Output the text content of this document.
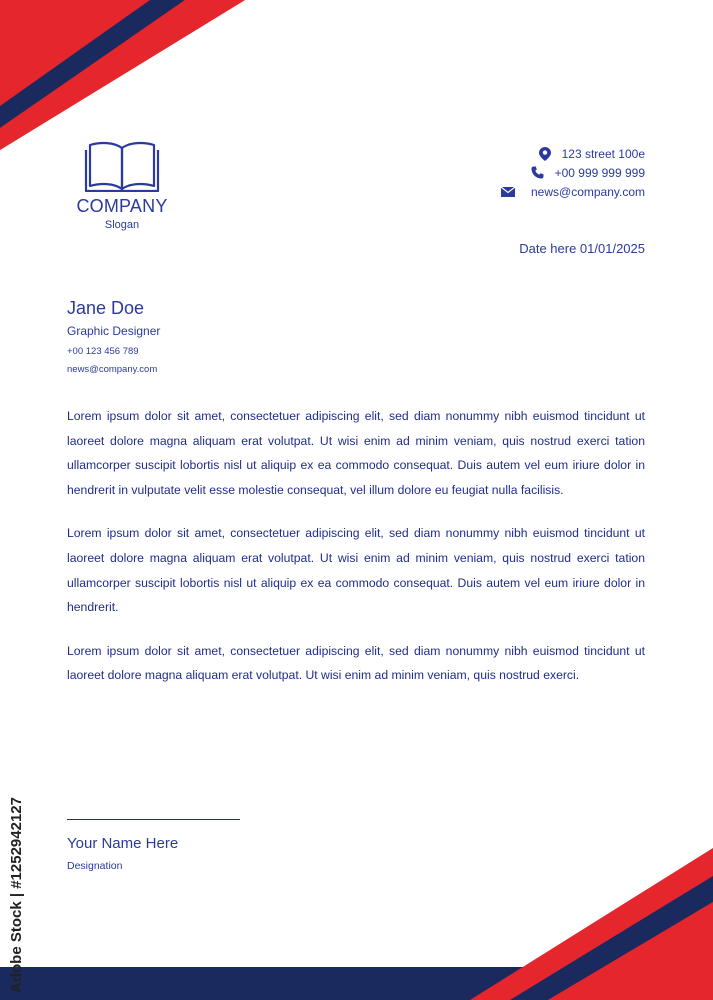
COMPANY
Slogan
123 street 100e
+00 999 999 999
news@company.com
Date here 01/01/2025
Jane Doe
Graphic Designer
+00 123 456 789
news@company.com

Lorem ipsum dolor sit amet, consectetuer adipiscing elit, sed diam nonummy nibh euismod tincidunt ut laoreet dolore magna aliquam erat volutpat. Ut wisi enim ad minim veniam, quis nostrud exerci tation ullamcorper suscipit lobortis nisl ut aliquip ex ea commodo consequat. Duis autem vel eum iriure dolor in hendrerit in vulputate velit esse molestie consequat, vel illum dolore eu feugiat nulla facilisis.

Lorem ipsum dolor sit amet, consectetuer adipiscing elit, sed diam nonummy nibh euismod tincidunt ut laoreet dolore magna aliquam erat volutpat. Ut wisi enim ad minim veniam, quis nostrud exerci tation ullamcorper suscipit lobortis nisl ut aliquip ex ea commodo consequat. Duis autem vel eum iriure dolor in hendrerit.

Lorem ipsum dolor sit amet, consectetuer adipiscing elit, sed diam nonummy nibh euismod tincidunt ut laoreet dolore magna aliquam erat volutpat. Ut wisi enim ad minim veniam, quis nostrud exerci.

Your Name Here
Designation
Adobe Stock | #1252942127
